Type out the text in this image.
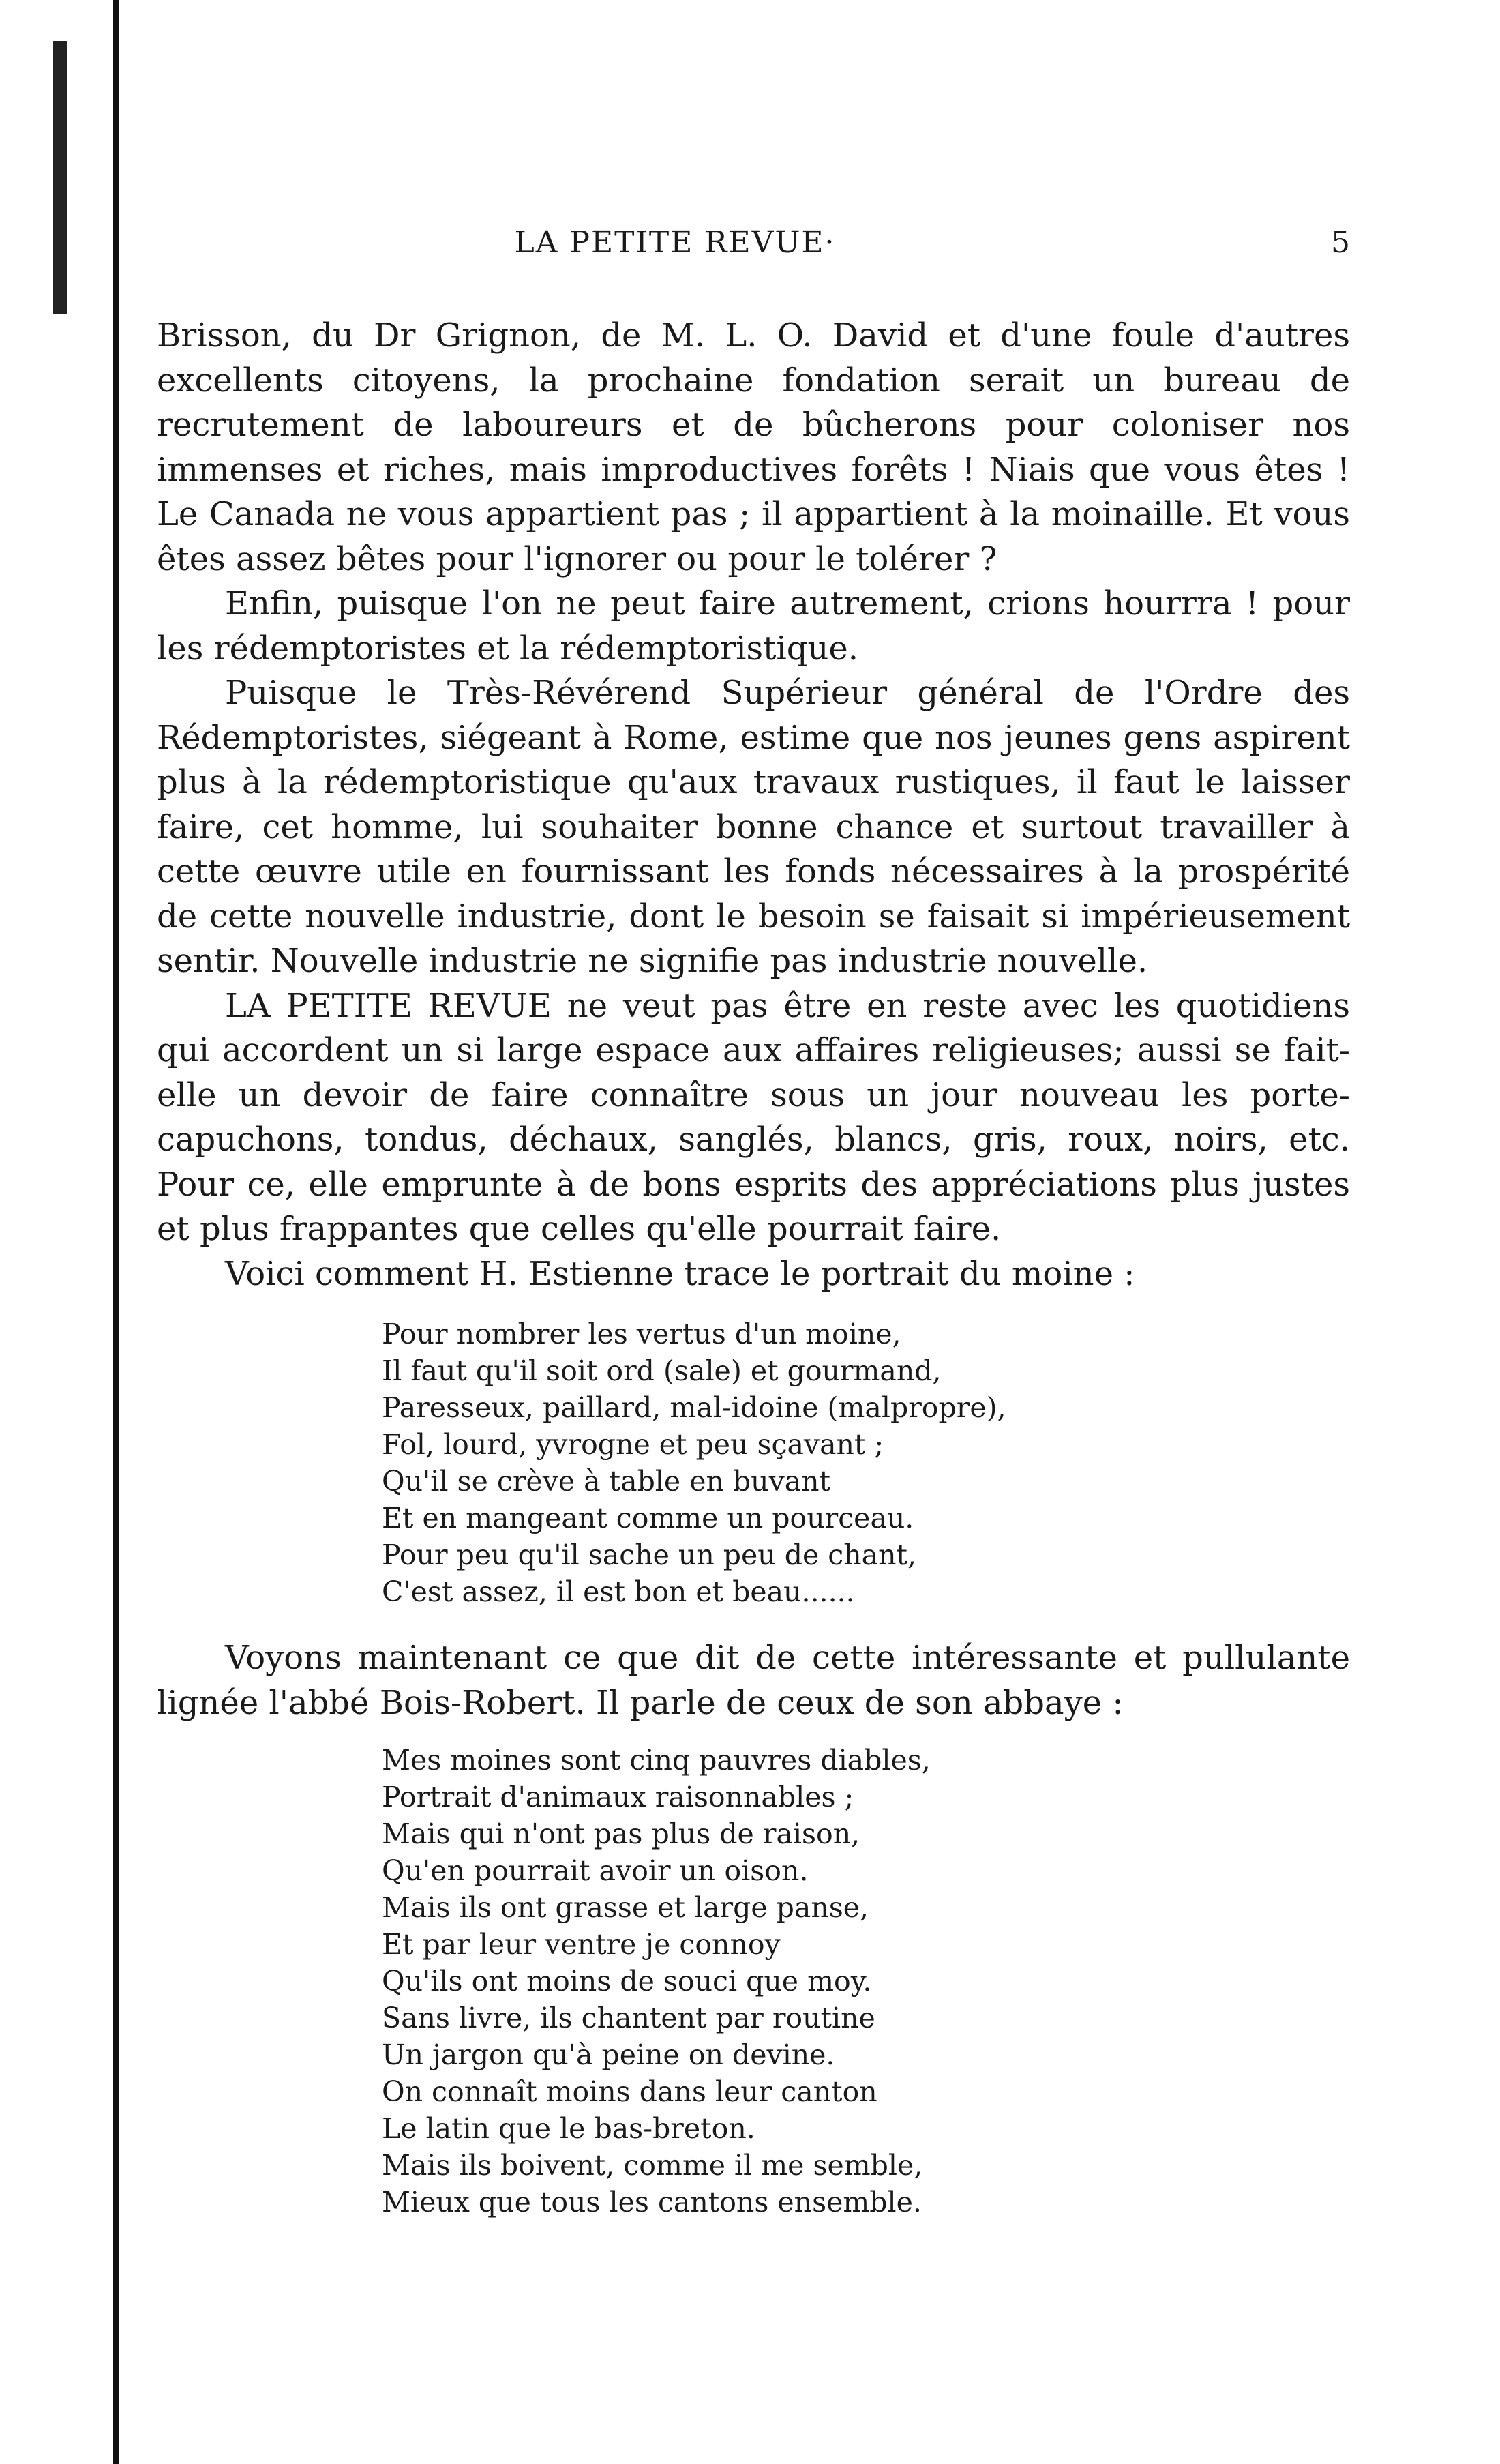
LA PETITE REVUE·	5

Brisson, du Dr Grignon, de M. L. O. David et d'une foule d'autres excellents citoyens, la prochaine fondation serait un bureau de recrutement de laboureurs et de bûcherons pour coloniser nos immenses et riches, mais improductives forêts ! Niais que vous êtes ! Le Canada ne vous appartient pas ; il appartient à la moinaille. Et vous êtes assez bêtes pour l'ignorer ou pour le tolérer ?

Enfin, puisque l'on ne peut faire autrement, crions hourrra ! pour les rédemptoristes et la rédemptoristique.

Puisque le Très-Révérend Supérieur général de l'Ordre des Rédemptoristes, siégeant à Rome, estime que nos jeunes gens aspirent plus à la rédemptoristique qu'aux travaux rustiques, il faut le laisser faire, cet homme, lui souhaiter bonne chance et surtout travailler à cette œuvre utile en fournissant les fonds nécessaires à la prospérité de cette nouvelle industrie, dont le besoin se faisait si impérieusement sentir. Nouvelle industrie ne signifie pas industrie nouvelle.

LA PETITE REVUE ne veut pas être en reste avec les quotidiens qui accordent un si large espace aux affaires religieuses; aussi se fait-elle un devoir de faire connaître sous un jour nouveau les porte-capuchons, tondus, déchaux, sanglés, blancs, gris, roux, noirs, etc. Pour ce, elle emprunte à de bons esprits des appréciations plus justes et plus frappantes que celles qu'elle pourrait faire.

Voici comment H. Estienne trace le portrait du moine :

Pour nombrer les vertus d'un moine,
Il faut qu'il soit ord (sale) et gourmand,
Paresseux, paillard, mal-idoine (malpropre),
Fol, lourd, yvrogne et peu sçavant ;
Qu'il se crève à table en buvant
Et en mangeant comme un pourceau.
Pour peu qu'il sache un peu de chant,
C'est assez, il est bon et beau......

Voyons maintenant ce que dit de cette intéressante et pullulante lignée l'abbé Bois-Robert. Il parle de ceux de son abbaye :

Mes moines sont cinq pauvres diables,
Portrait d'animaux raisonnables ;
Mais qui n'ont pas plus de raison,
Qu'en pourrait avoir un oison.
Mais ils ont grasse et large panse,
Et par leur ventre je connoy
Qu'ils ont moins de souci que moy.
Sans livre, ils chantent par routine
Un jargon qu'à peine on devine.
On connaît moins dans leur canton
Le latin que le bas-breton.
Mais ils boivent, comme il me semble,
Mieux que tous les cantons ensemble.
